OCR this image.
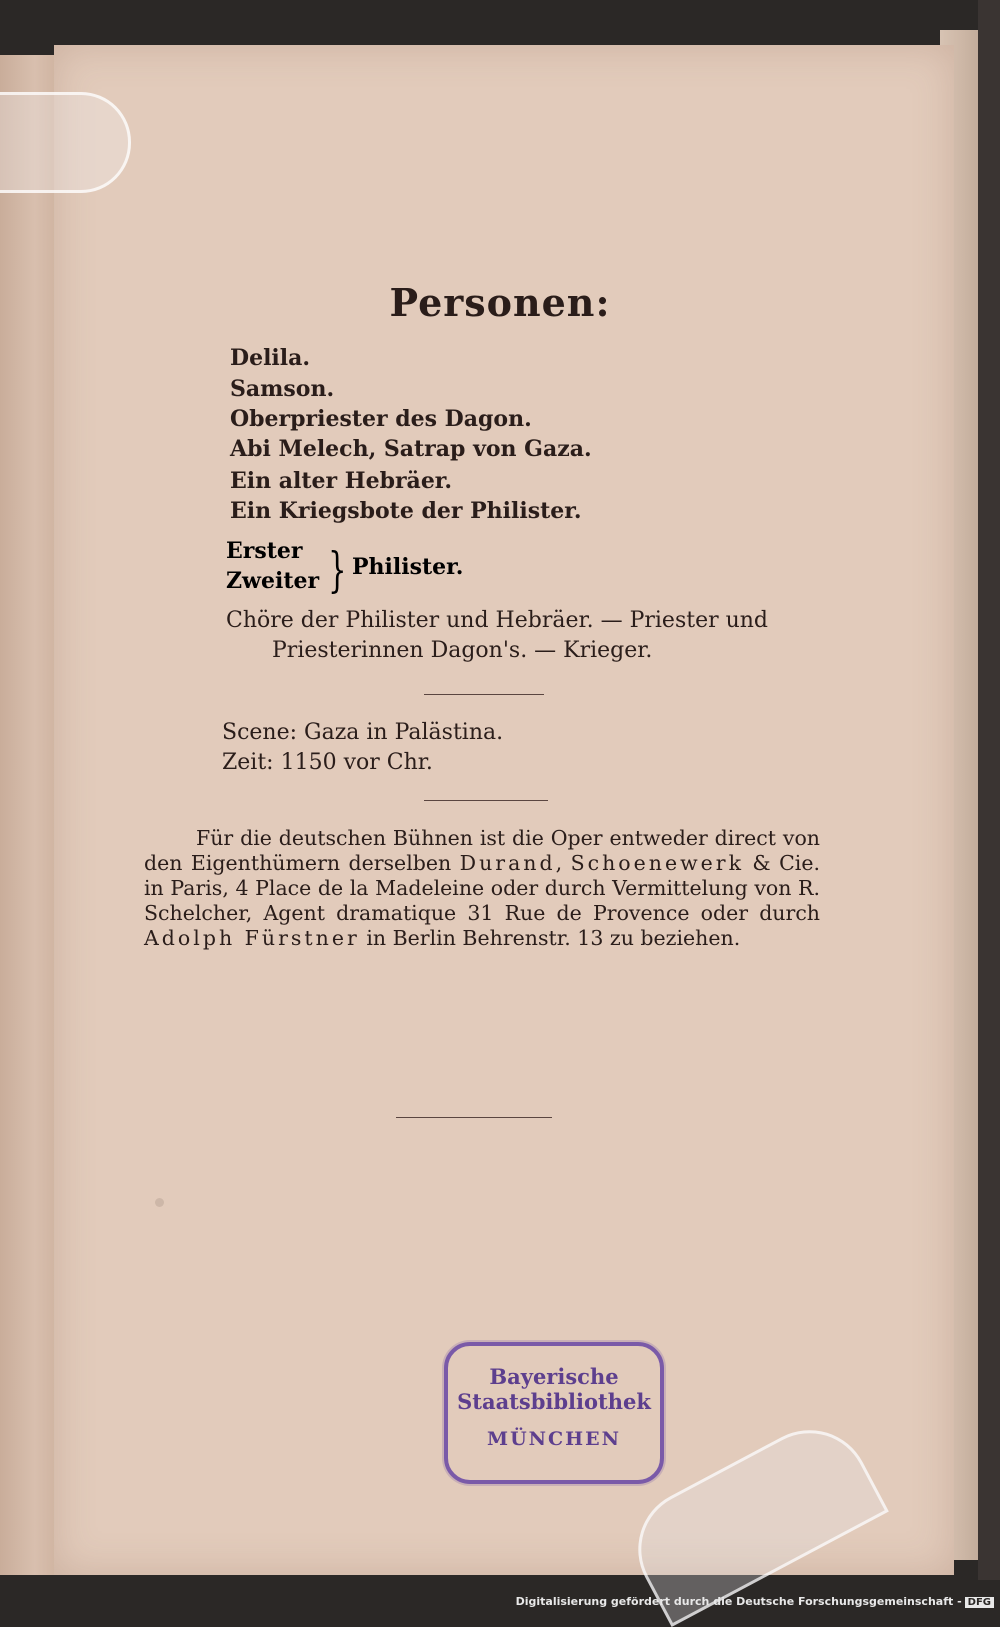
Personen:
Delila.
Samson.
Oberpriester des Dagon.
Abi Melech, Satrap von Gaza.
Ein alter Hebräer.
Ein Kriegsbote der Philister.
Erster
Zweiter } Philister.
Chöre der Philister und Hebräer. — Priester und
Priesterinnen Dagon's. — Krieger.
Scene: Gaza in Palästina.
Zeit: 1150 vor Chr.
Für die deutschen Bühnen ist die Oper entweder direct von den Eigenthümern derselben Durand, Schoenewerk & Cie. in Paris, 4 Place de la Madeleine oder durch Vermittelung von R. Schelcher, Agent dramatique 31 Rue de Provence oder durch Adolph Fürstner in Berlin Behrenstr. 13 zu beziehen.
Bayerische
Staatsbibliothek
MÜNCHEN
Digitalisierung gefördert durch die Deutsche Forschungsgemeinschaft - DFG
